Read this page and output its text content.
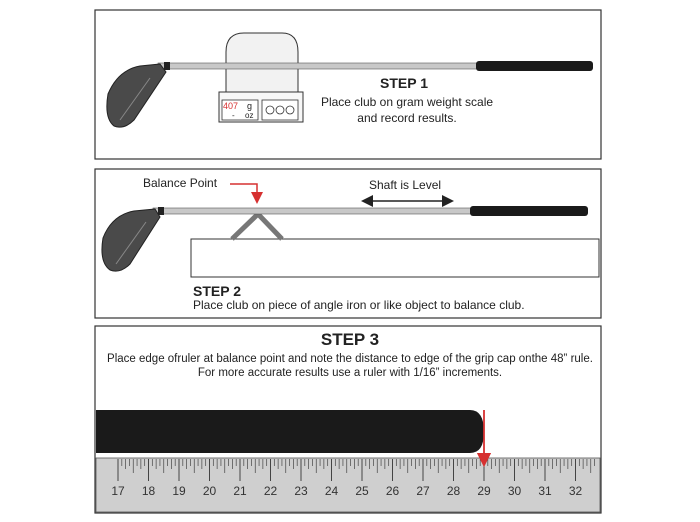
STEP 1
Place club on gram weight scale and record results.
407 g
- oz
Balance Point	Shaft is Level
STEP 2
Place club on piece of angle iron or like object to balance club.
STEP 3
Place edge ofruler at balance point and note the distance to edge of the grip cap onthe 48” rule. For more accurate results use a ruler with 1/16” increments.
17	18	19	20	21	22	23	24	25	26	27	28	29	30	31	32
